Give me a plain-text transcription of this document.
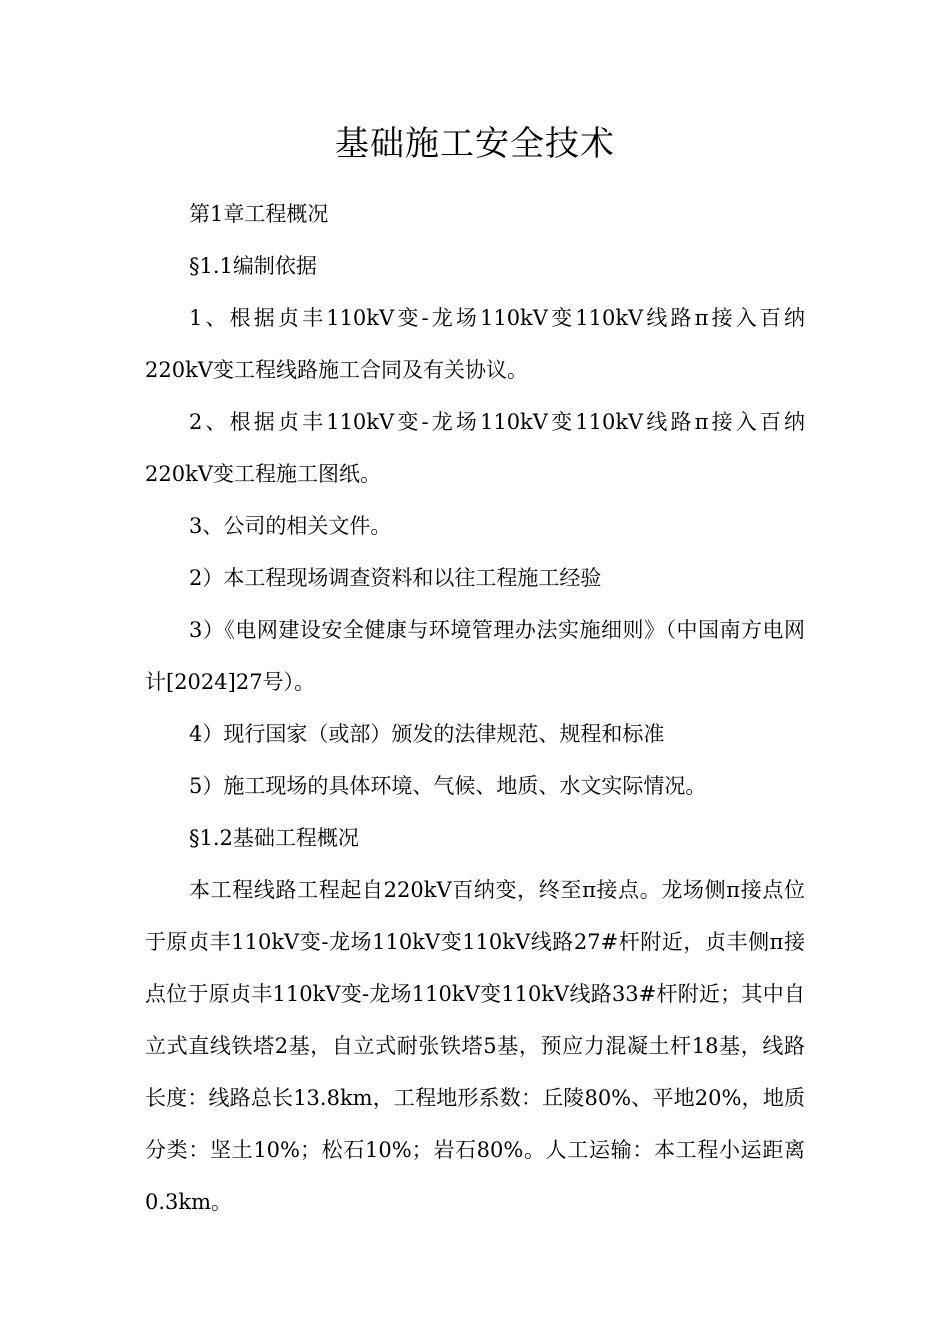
基础施工安全技术

第1章工程概况

§1.1编制依据

1、根据贞丰110kV变-龙场110kV变110kV线路π接入百纳220kV变工程线路施工合同及有关协议。

2、根据贞丰110kV变-龙场110kV变110kV线路π接入百纳220kV变工程施工图纸。

3、公司的相关文件。

2）本工程现场调查资料和以往工程施工经验

3）《电网建设安全健康与环境管理办法实施细则》（中国南方电网计[2024]27号）。

4）现行国家（或部）颁发的法律规范、规程和标准

5）施工现场的具体环境、气候、地质、水文实际情况。

§1.2基础工程概况

本工程线路工程起自220kV百纳变，终至π接点。龙场侧π接点位于原贞丰110kV变-龙场110kV变110kV线路27#杆附近，贞丰侧π接点位于原贞丰110kV变-龙场110kV变110kV线路33#杆附近；其中自立式直线铁塔2基，自立式耐张铁塔5基，预应力混凝土杆18基，线路长度：线路总长13.8km，工程地形系数：丘陵80%、平地20%，地质分类：坚土10%；松石10%；岩石80%。人工运输：本工程小运距离0.3km。
